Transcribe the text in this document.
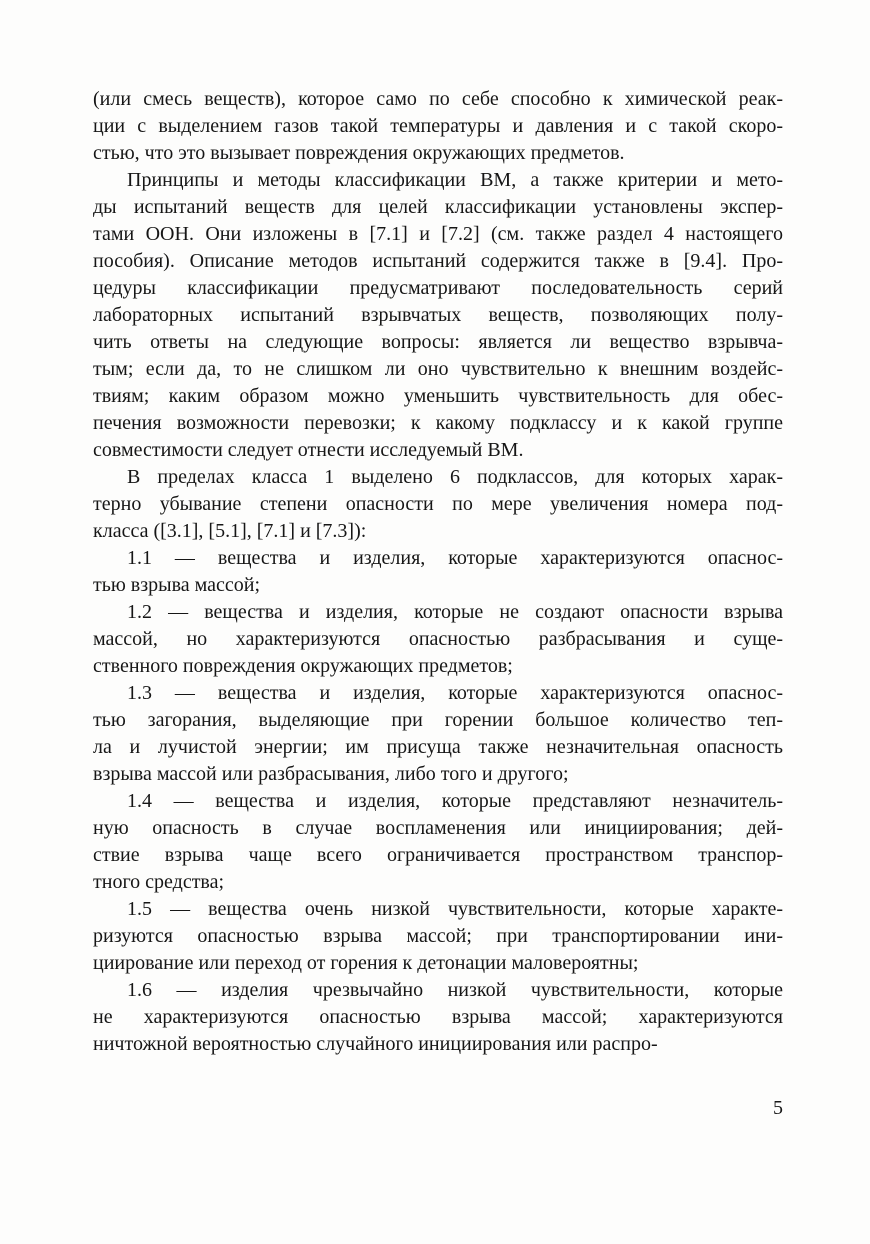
(или смесь веществ), которое само по себе способно к химической реак-
ции с выделением газов такой температуры и давления и с такой скоро-
стью, что это вызывает повреждения окружающих предметов.
Принципы и методы классификации ВМ, а также критерии и мето-
ды испытаний веществ для целей классификации установлены экспер-
тами ООН. Они изложены в [7.1] и [7.2] (см. также раздел 4 настоящего
пособия). Описание методов испытаний содержится также в [9.4]. Про-
цедуры классификации предусматривают последовательность серий
лабораторных испытаний взрывчатых веществ, позволяющих полу-
чить ответы на следующие вопросы: является ли вещество взрывча-
тым; если да, то не слишком ли оно чувствительно к внешним воздейс-
твиям; каким образом можно уменьшить чувствительность для обес-
печения возможности перевозки; к какому подклассу и к какой группе
совместимости следует отнести исследуемый ВМ.
В пределах класса 1 выделено 6 подклассов, для которых харак-
терно убывание степени опасности по мере увеличения номера под-
класса ([3.1], [5.1], [7.1] и [7.3]):
1.1 — вещества и изделия, которые характеризуются опаснос-
тью взрыва массой;
1.2 — вещества и изделия, которые не создают опасности взрыва
массой, но характеризуются опасностью разбрасывания и суще-
ственного повреждения окружающих предметов;
1.3 — вещества и изделия, которые характеризуются опаснос-
тью загорания, выделяющие при горении большое количество теп-
ла и лучистой энергии; им присуща также незначительная опасность
взрыва массой или разбрасывания, либо того и другого;
1.4 — вещества и изделия, которые представляют незначитель-
ную опасность в случае воспламенения или инициирования; дей-
ствие взрыва чаще всего ограничивается пространством транспор-
тного средства;
1.5 — вещества очень низкой чувствительности, которые характе-
ризуются опасностью взрыва массой; при транспортировании ини-
циирование или переход от горения к детонации маловероятны;
1.6 — изделия чрезвычайно низкой чувствительности, которые
не характеризуются опасностью взрыва массой; характеризуются
ничтожной вероятностью случайного инициирования или распро-
5
